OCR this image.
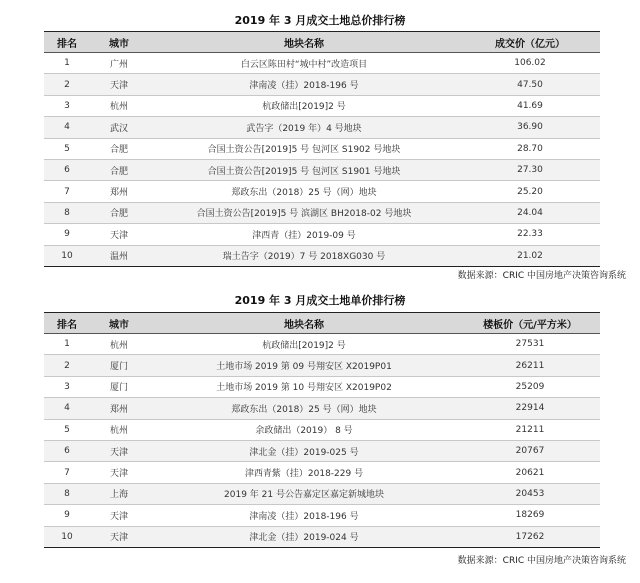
2019 年 3 月成交土地总价排行榜
排名	城市	地块名称	成交价（亿元）
1	广州	白云区陈田村“城中村”改造项目	106.02
2	天津	津南凌（挂）2018-196 号	47.50
3	杭州	杭政储出[2019]2 号	41.69
4	武汉	武告字（2019 年）4 号地块	36.90
5	合肥	合国土资公告[2019]5 号 包河区 S1902 号地块	28.70
6	合肥	合国土资公告[2019]5 号 包河区 S1901 号地块	27.30
7	郑州	郑政东出（2018）25 号（网）地块	25.20
8	合肥	合国土资公告[2019]5 号 滨湖区 BH2018-02 号地块	24.04
9	天津	津西青（挂）2019-09 号	22.33
10	温州	瑞土告字（2019）7 号 2018XG030 号	21.02
数据来源：CRIC 中国房地产决策咨询系统
2019 年 3 月成交土地单价排行榜
排名	城市	地块名称	楼板价（元/平方米）
1	杭州	杭政储出[2019]2 号	27531
2	厦门	土地市场 2019 第 09 号翔安区 X2019P01	26211
3	厦门	土地市场 2019 第 10 号翔安区 X2019P02	25209
4	郑州	郑政东出（2018）25 号（网）地块	22914
5	杭州	余政储出（2019） 8 号	21211
6	天津	津北金（挂）2019-025 号	20767
7	天津	津西青紫（挂）2018-229 号	20621
8	上海	2019 年 21 号公告嘉定区嘉定新城地块	20453
9	天津	津南凌（挂）2018-196 号	18269
10	天津	津北金（挂）2019-024 号	17262
数据来源：CRIC 中国房地产决策咨询系统
